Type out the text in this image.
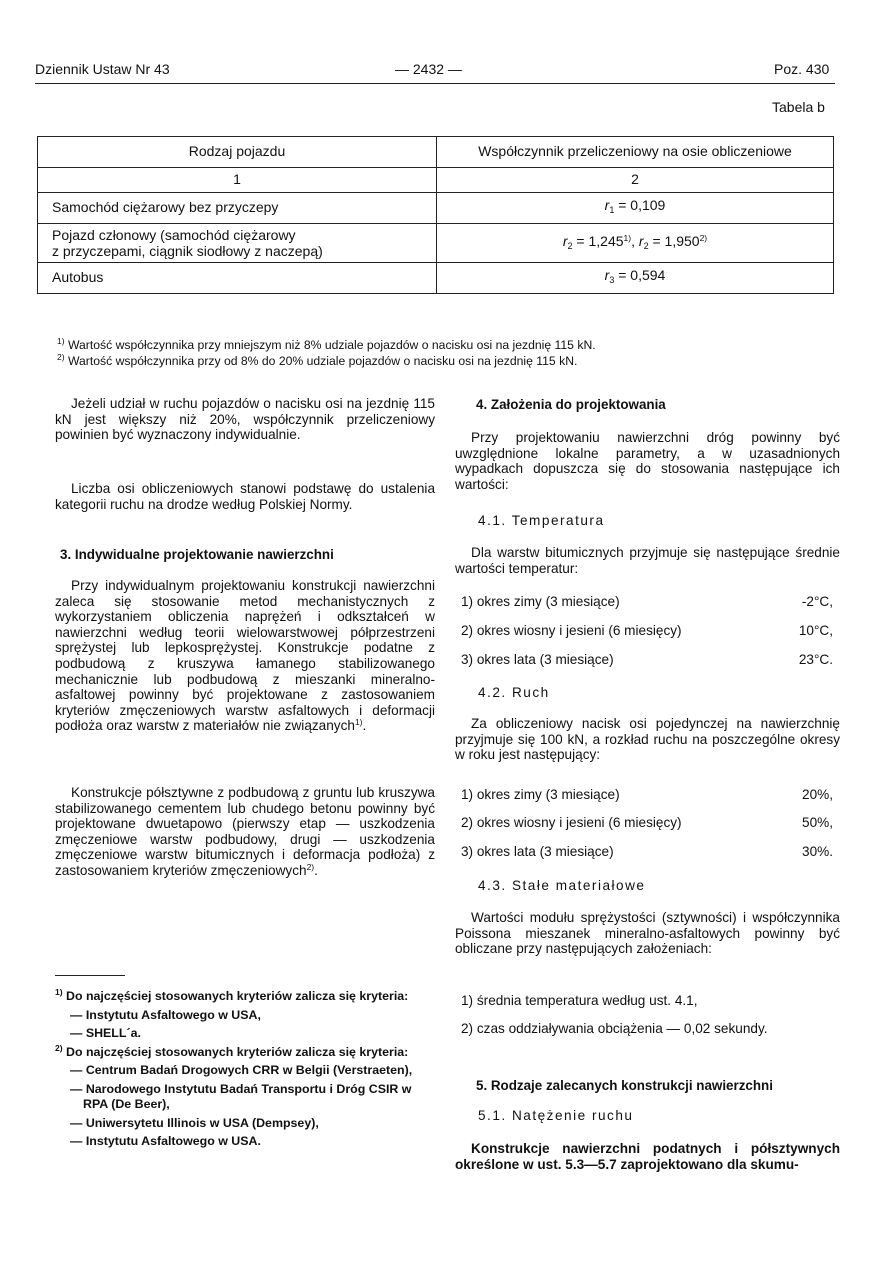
Dziennik Ustaw Nr 43	— 2432 —	Poz. 430
Tabela b
Rodzaj pojazdu	Współczynnik przeliczeniowy na osie obliczeniowe
1	2
Samochód ciężarowy bez przyczepy	$r_1 = 0,109$
Pojazd członowy (samochód ciężarowy
z przyczepami, ciągnik siodłowy z naczepą)	$r_2 = 1,245^{1)}$, $r_2 = 1,950^{2)}$
Autobus	$r_3 = 0,594$
$^{1)}$ Wartość współczynnika przy mniejszym niż 8% udziale pojazdów o nacisku osi na jezdnię 115 kN.
$^{2)}$ Wartość współczynnika przy od 8% do 20% udziale pojazdów o nacisku osi na jezdnię 115 kN.

Jeżeli udział w ruchu pojazdów o nacisku osi na jezdnię 115 kN jest większy niż 20%, współczynnik przeliczeniowy powinien być wyznaczony indywidualnie.

Liczba osi obliczeniowych stanowi podstawę do ustalenia kategorii ruchu na drodze według Polskiej Normy.

3. Indywidualne projektowanie nawierzchni

Przy indywidualnym projektowaniu konstrukcji nawierzchni zaleca się stosowanie metod mechanistycznych z wykorzystaniem obliczenia naprężeń i odkształceń w nawierzchni według teorii wielowarstwowej półprzestrzeni sprężystej lub lepkosprężystej. Konstrukcje podatne z podbudową z kruszywa łamanego stabilizowanego mechanicznie lub podbudową z mieszanki mineralno-asfaltowej powinny być projektowane z zastosowaniem kryteriów zmęczeniowych warstw asfaltowych i deformacji podłoża oraz warstw z materiałów nie związanych$^{1)}$.

Konstrukcje półsztywne z podbudową z gruntu lub kruszywa stabilizowanego cementem lub chudego betonu powinny być projektowane dwuetapowo (pierwszy etap — uszkodzenia zmęczeniowe warstw podbudowy, drugi — uszkodzenia zmęczeniowe warstw bitumicznych i deformacja podłoża) z zastosowaniem kryteriów zmęczeniowych$^{2)}$.

$^{1)}$ Do najczęściej stosowanych kryteriów zalicza się kryteria:
— Instytutu Asfaltowego w USA,
— SHELL´a.
$^{2)}$ Do najczęściej stosowanych kryteriów zalicza się kryteria:
— Centrum Badań Drogowych CRR w Belgii (Verstraeten),
— Narodowego Instytutu Badań Transportu i Dróg CSIR w RPA (De Beer),
— Uniwersytetu Illinois w USA (Dempsey),
— Instytutu Asfaltowego w USA.
4. Założenia do projektowania

Przy projektowaniu nawierzchni dróg powinny być uwzględnione lokalne parametry, a w uzasadnionych wypadkach dopuszcza się do stosowania następujące ich wartości:

4.1. Temperatura

Dla warstw bitumicznych przyjmuje się następujące średnie wartości temperatur:

1) okres zimy (3 miesiące)	-2°C,
2) okres wiosny i jesieni (6 miesięcy)	10°C,
3) okres lata (3 miesiące)	23°C.
4.2. Ruch

Za obliczeniowy nacisk osi pojedynczej na nawierzchnię przyjmuje się 100 kN, a rozkład ruchu na poszczególne okresy w roku jest następujący:

1) okres zimy (3 miesiące)	20%,
2) okres wiosny i jesieni (6 miesięcy)	50%,
3) okres lata (3 miesiące)	30%.
4.3. Stałe materiałowe

Wartości modułu sprężystości (sztywności) i współczynnika Poissona mieszanek mineralno-asfaltowych powinny być obliczane przy następujących założeniach:

1) średnia temperatura według ust. 4.1,
2) czas oddziaływania obciążenia — 0,02 sekundy.
5. Rodzaje zalecanych konstrukcji nawierzchni
5.1. Natężenie ruchu

Konstrukcje nawierzchni podatnych i półsztywnych określone w ust. 5.3—5.7 zaprojektowano dla skumu-
